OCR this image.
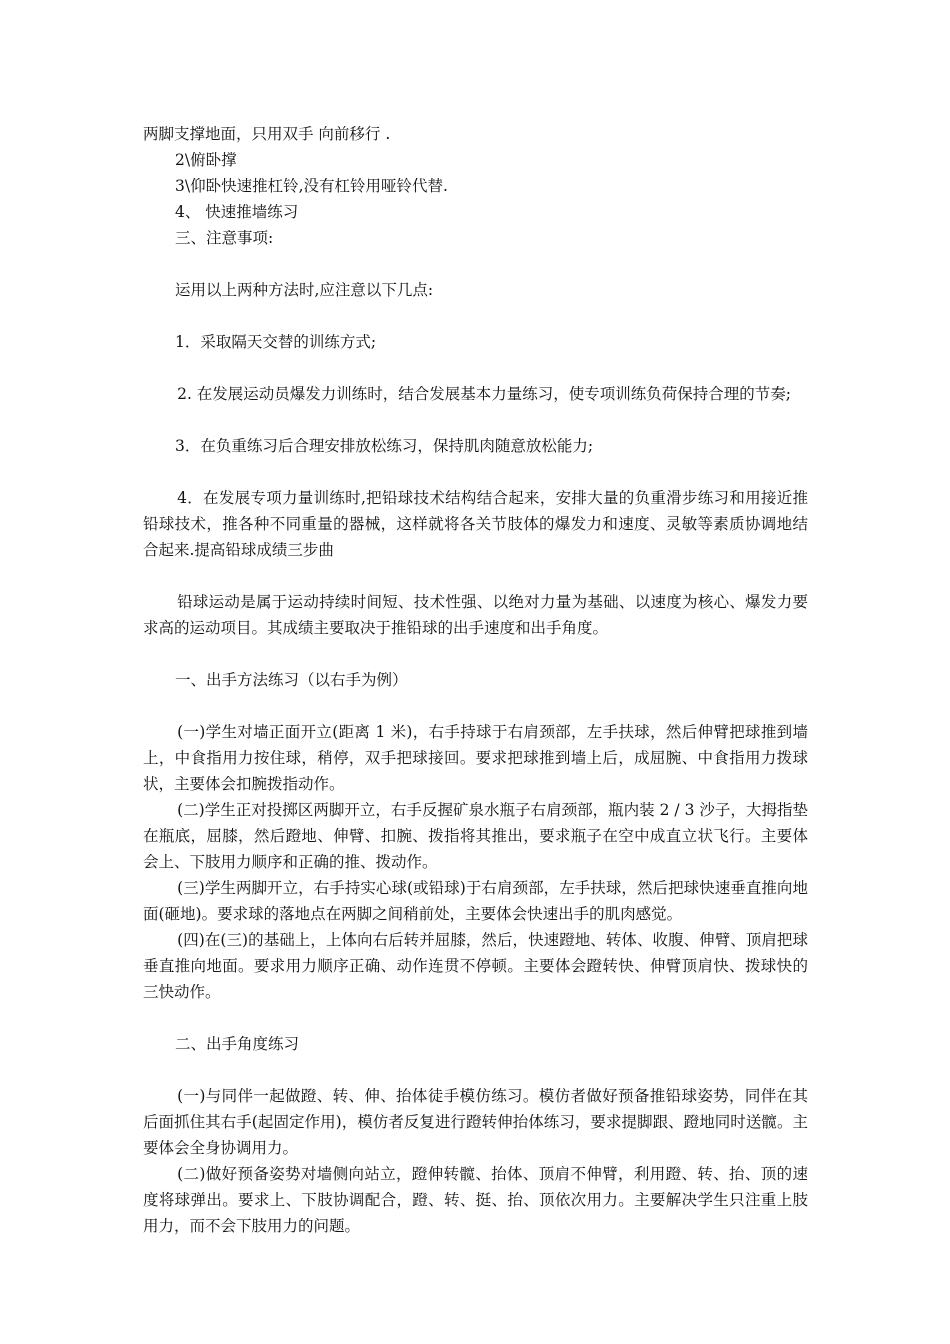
两脚支撑地面，只用双手 向前移行 .
2\俯卧撑
3\仰卧快速推杠铃,没有杠铃用哑铃代替.
4、 快速推墙练习
三、注意事项:
运用以上两种方法时,应注意以下几点:
1．采取隔天交替的训练方式;
2. 在发展运动员爆发力训练时，结合发展基本力量练习，使专项训练负荷保持合理的节奏;
3．在负重练习后合理安排放松练习，保持肌肉随意放松能力;
4．在发展专项力量训练时,把铅球技术结构结合起来，安排大量的负重滑步练习和用接近推铅球技术，推各种不同重量的器械，这样就将各关节肢体的爆发力和速度、灵敏等素质协调地结合起来.提高铅球成绩三步曲
铅球运动是属于运动持续时间短、技术性强、以绝对力量为基础、以速度为核心、爆发力要求高的运动项目。其成绩主要取决于推铅球的出手速度和出手角度。
一、出手方法练习（以右手为例）
(一)学生对墙正面开立(距离 1 米)，右手持球于右肩颈部，左手扶球，然后伸臂把球推到墙上，中食指用力按住球，稍停，双手把球接回。要求把球推到墙上后，成屈腕、中食指用力拨球状，主要体会扣腕拨指动作。
(二)学生正对投掷区两脚开立，右手反握矿泉水瓶子右肩颈部，瓶内装 2 / 3 沙子，大拇指垫在瓶底，屈膝，然后蹬地、伸臂、扣腕、拨指将其推出，要求瓶子在空中成直立状飞行。主要体会上、下肢用力顺序和正确的推、拨动作。
(三)学生两脚开立，右手持实心球(或铅球)于右肩颈部，左手扶球，然后把球快速垂直推向地面(砸地)。要求球的落地点在两脚之间稍前处，主要体会快速出手的肌肉感觉。
(四)在(三)的基础上，上体向右后转并屈膝，然后，快速蹬地、转体、收腹、伸臂、顶肩把球垂直推向地面。要求用力顺序正确、动作连贯不停顿。主要体会蹬转快、伸臂顶肩快、拨球快的三快动作。
二、出手角度练习
(一)与同伴一起做蹬、转、伸、抬体徒手模仿练习。模仿者做好预备推铅球姿势，同伴在其后面抓住其右手(起固定作用)，模仿者反复进行蹬转伸抬体练习，要求提脚跟、蹬地同时送髋。主要体会全身协调用力。
(二)做好预备姿势对墙侧向站立，蹬伸转髋、抬体、顶肩不伸臂，利用蹬、转、抬、顶的速度将球弹出。要求上、下肢协调配合，蹬、转、挺、抬、顶依次用力。主要解决学生只注重上肢用力，而不会下肢用力的问题。
